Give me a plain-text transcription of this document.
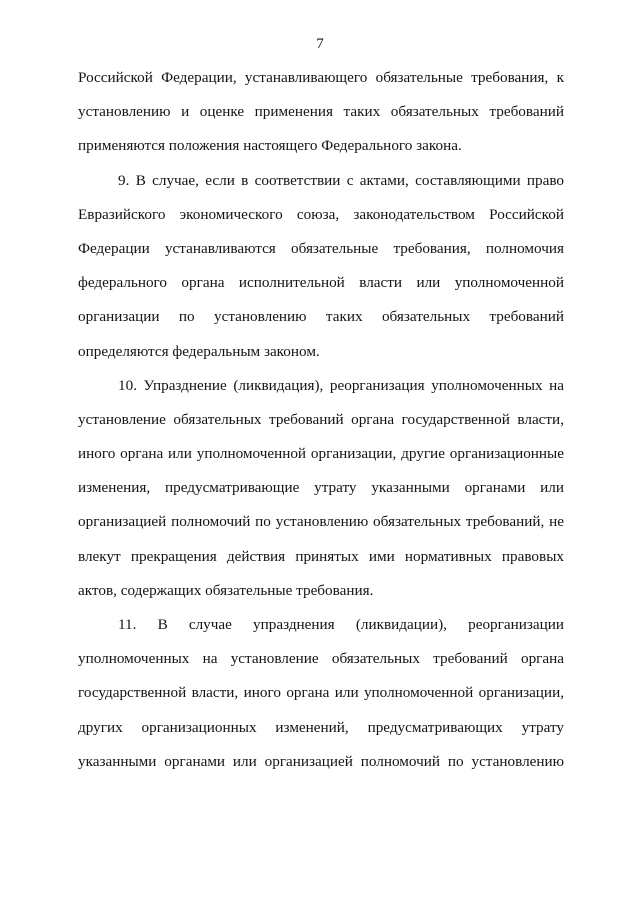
7
Российской Федерации, устанавливающего обязательные требования, к
установлению и оценке применения таких обязательных требований
применяются положения настоящего Федерального закона.
9. В случае, если в соответствии с актами, составляющими право
Евразийского экономического союза, законодательством Российской
Федерации устанавливаются обязательные требования, полномочия
федерального органа исполнительной власти или уполномоченной
организации по установлению таких обязательных требований
определяются федеральным законом.
10. Упразднение (ликвидация), реорганизация уполномоченных на
установление обязательных требований органа государственной власти,
иного органа или уполномоченной организации, другие организационные
изменения, предусматривающие утрату указанными органами или
организацией полномочий по установлению обязательных требований, не
влекут прекращения действия принятых ими нормативных правовых
актов, содержащих обязательные требования.
11. В случае упразднения (ликвидации), реорганизации
уполномоченных на установление обязательных требований органа
государственной власти, иного органа или уполномоченной организации,
других организационных изменений, предусматривающих утрату
указанными органами или организацией полномочий по установлению
